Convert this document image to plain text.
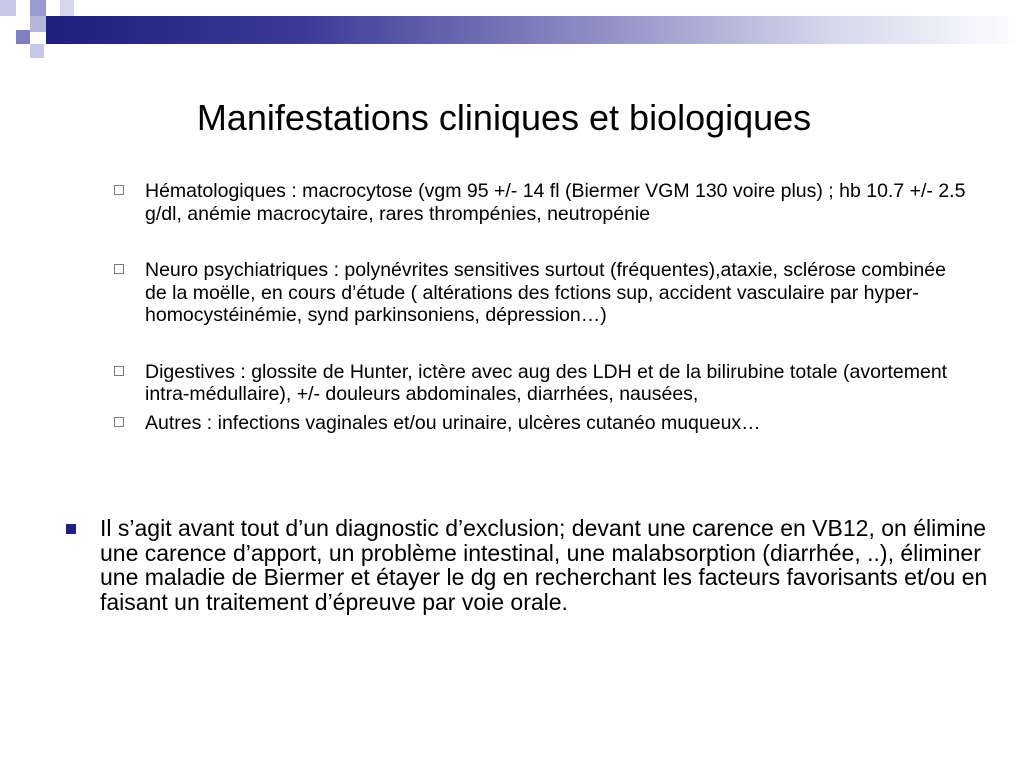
Manifestations cliniques et biologiques
Hématologiques : macrocytose (vgm 95 +/- 14 fl (Biermer VGM 130 voire plus) ; hb 10.7 +/- 2.5 g/dl, anémie macrocytaire, rares thrompénies, neutropénie
Neuro psychiatriques : polynévrites sensitives surtout (fréquentes),ataxie, sclérose combinée de la moëlle, en cours d’étude ( altérations des fctions sup, accident vasculaire par hyper-homocystéinémie, synd parkinsoniens, dépression…)
Digestives : glossite de Hunter, ictère avec aug des LDH et de la bilirubine totale (avortement intra-médullaire), +/- douleurs abdominales, diarrhées, nausées,
Autres : infections vaginales et/ou urinaire, ulcères cutanéo muqueux…
Il s’agit avant tout d’un diagnostic d’exclusion; devant une carence en VB12, on élimine une carence d’apport, un problème intestinal, une malabsorption (diarrhée, ..), éliminer une maladie de Biermer et étayer le dg en recherchant les facteurs favorisants et/ou en faisant un traitement d’épreuve par voie orale.
